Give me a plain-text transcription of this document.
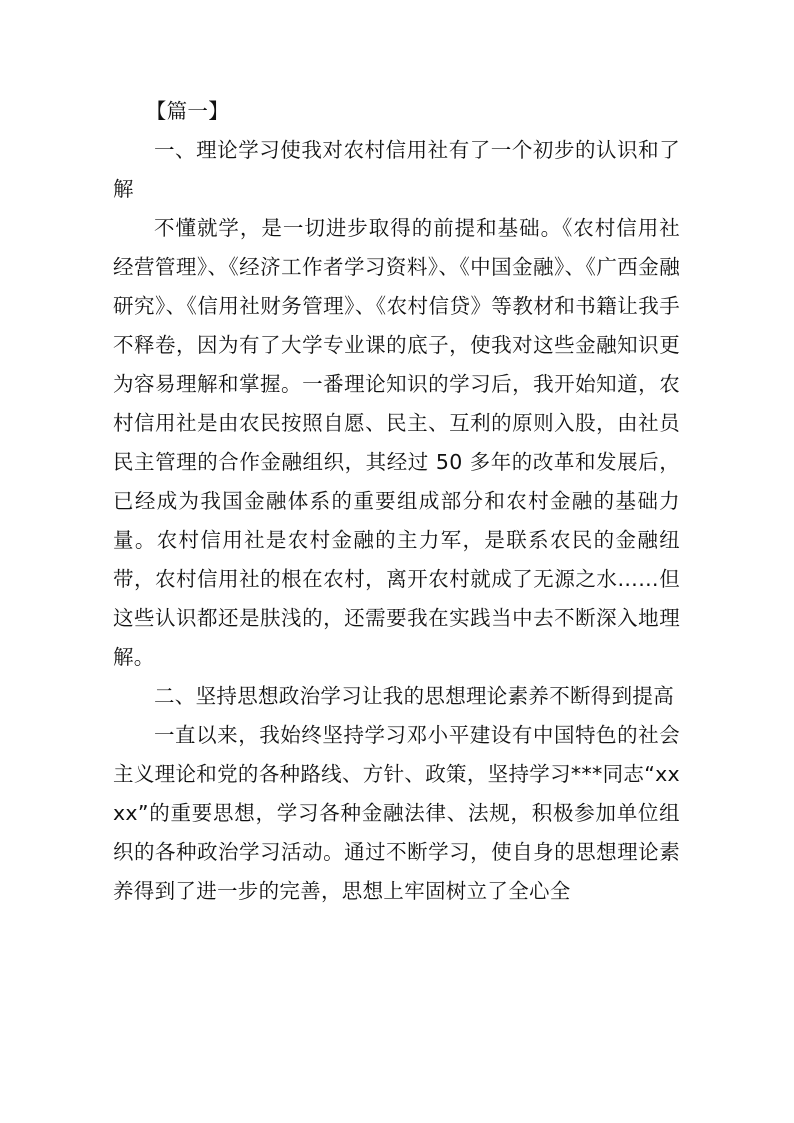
【篇一】

一、理论学习使我对农村信用社有了一个初步的认识和了解

不懂就学，是一切进步取得的前提和基础。《农村信用社经营管理》、《经济工作者学习资料》、《中国金融》、《广西金融研究》、《信用社财务管理》、《农村信贷》等教材和书籍让我手不释卷，因为有了大学专业课的底子，使我对这些金融知识更为容易理解和掌握。一番理论知识的学习后，我开始知道，农村信用社是由农民按照自愿、民主、互利的原则入股，由社员民主管理的合作金融组织，其经过 50 多年的改革和发展后，已经成为我国金融体系的重要组成部分和农村金融的基础力量。农村信用社是农村金融的主力军，是联系农民的金融纽带，农村信用社的根在农村，离开农村就成了无源之水……但这些认识都还是肤浅的，还需要我在实践当中去不断深入地理解。

二、坚持思想政治学习让我的思想理论素养不断得到提高

一直以来，我始终坚持学习邓小平建设有中国特色的社会主义理论和党的各种路线、方针、政策，坚持学习***同志“xxxx”的重要思想，学习各种金融法律、法规，积极参加单位组织的各种政治学习活动。通过不断学习，使自身的思想理论素养得到了进一步的完善，思想上牢固树立了全心全
